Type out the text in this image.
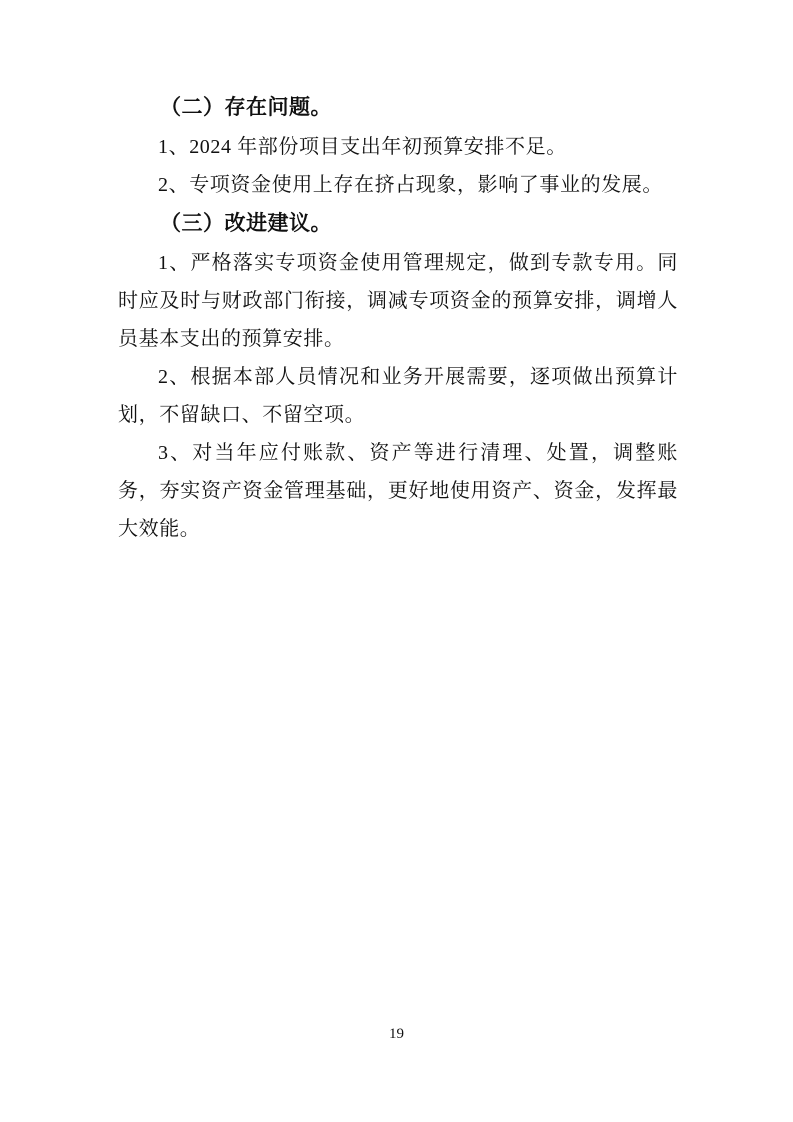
（二）存在问题。

1、2024 年部份项目支出年初预算安排不足。

2、专项资金使用上存在挤占现象，影响了事业的发展。

（三）改进建议。

1、严格落实专项资金使用管理规定，做到专款专用。同时应及时与财政部门衔接，调减专项资金的预算安排，调增人员基本支出的预算安排。

2、根据本部人员情况和业务开展需要，逐项做出预算计划，不留缺口、不留空项。

3、对当年应付账款、资产等进行清理、处置，调整账务，夯实资产资金管理基础，更好地使用资产、资金，发挥最大效能。

19
